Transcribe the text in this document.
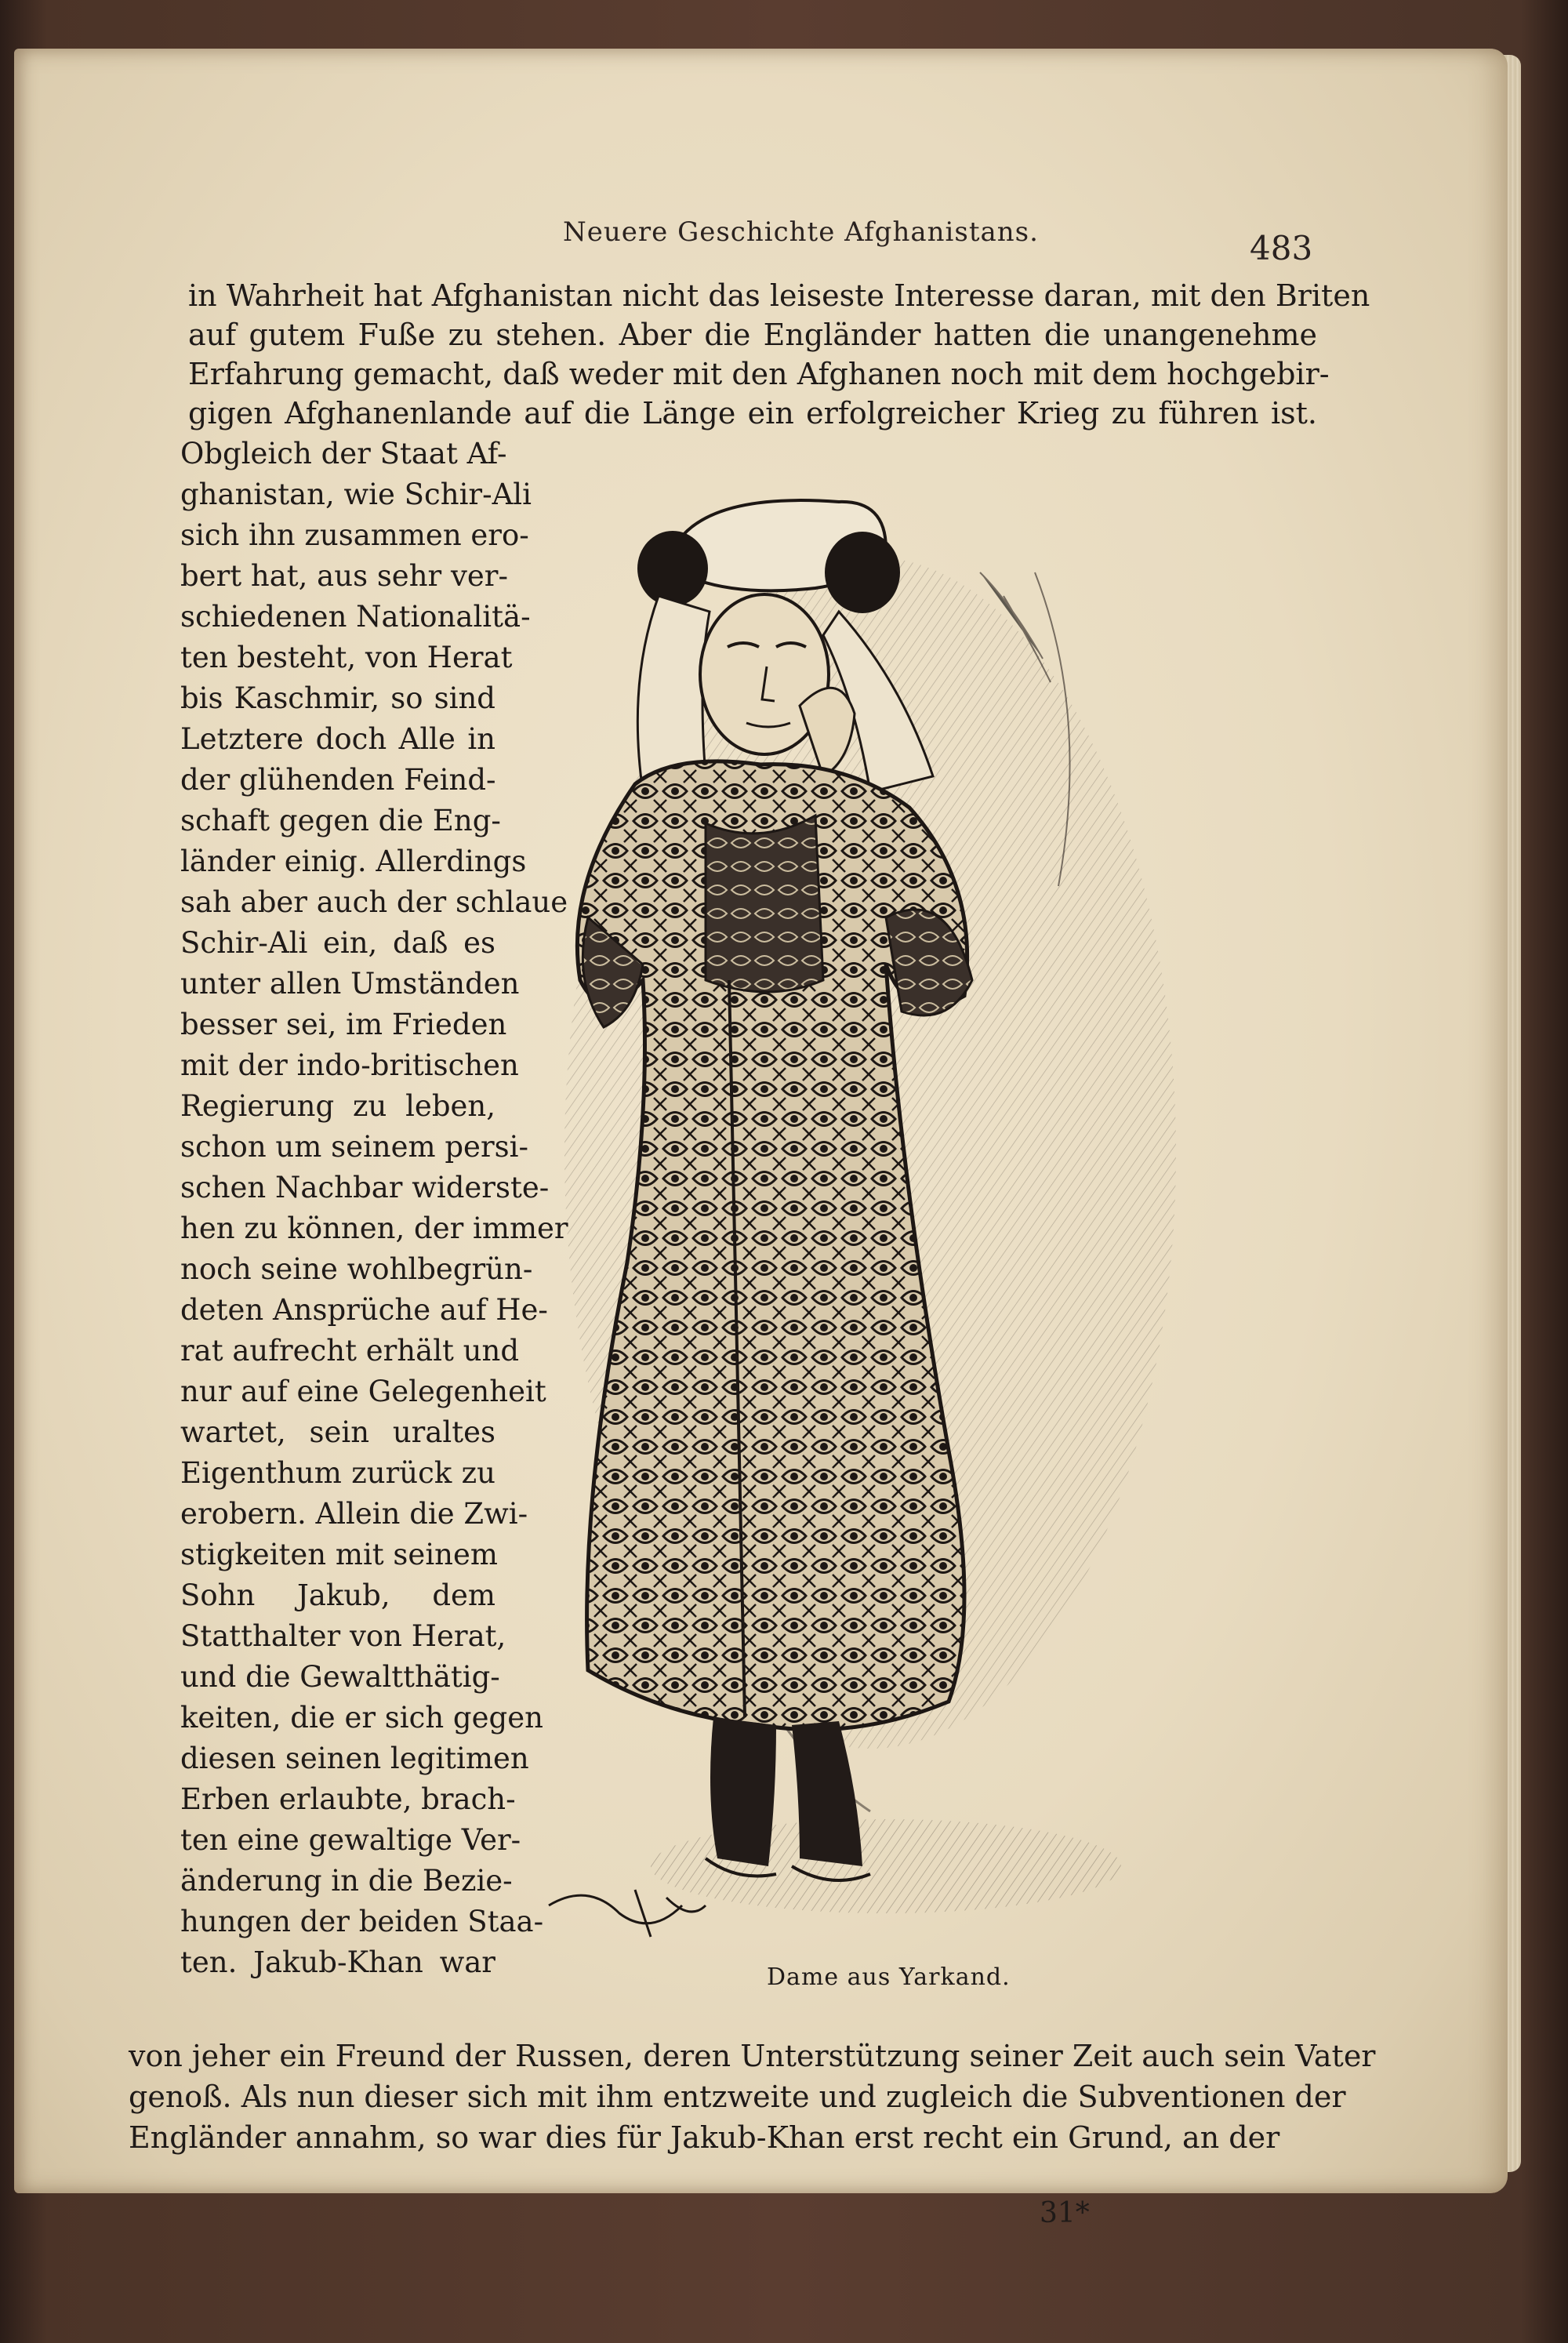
Neuere Geschichte Afghanistans.	483
in Wahrheit hat Afghanistan nicht das leiseste Interesse daran, mit den Briten
auf gutem Fuße zu stehen. Aber die Engländer hatten die unangenehme
Erfahrung gemacht, daß weder mit den Afghanen noch mit dem hochgebir-
gigen Afghanenlande auf die Länge ein erfolgreicher Krieg zu führen ist.
Obgleich der Staat Af-
ghanistan, wie Schir-Ali
sich ihn zusammen ero-
bert hat, aus sehr ver-
schiedenen Nationalitä-
ten besteht, von Herat
bis Kaschmir, so sind
Letztere doch Alle in
der glühenden Feind-
schaft gegen die Eng-
länder einig. Allerdings
sah aber auch der schlaue
Schir-Ali ein, daß es
unter allen Umständen
besser sei, im Frieden
mit der indo-britischen
Regierung zu leben,
schon um seinem persi-
schen Nachbar widerste-
hen zu können, der immer
noch seine wohlbegrün-
deten Ansprüche auf He-
rat aufrecht erhält und
nur auf eine Gelegenheit
wartet, sein uraltes
Eigenthum zurück zu
erobern. Allein die Zwi-
stigkeiten mit seinem
Sohn Jakub, dem
Statthalter von Herat,
und die Gewaltthätig-
keiten, die er sich gegen
diesen seinen legitimen
Erben erlaubte, brach-
ten eine gewaltige Ver-
änderung in die Bezie-
hungen der beiden Staa-
ten. Jakub-Khan war	Dame aus Yarkand.
von jeher ein Freund der Russen, deren Unterstützung seiner Zeit auch sein Vater
genoß. Als nun dieser sich mit ihm entzweite und zugleich die Subventionen der
Engländer annahm, so war dies für Jakub-Khan erst recht ein Grund, an der
31*
